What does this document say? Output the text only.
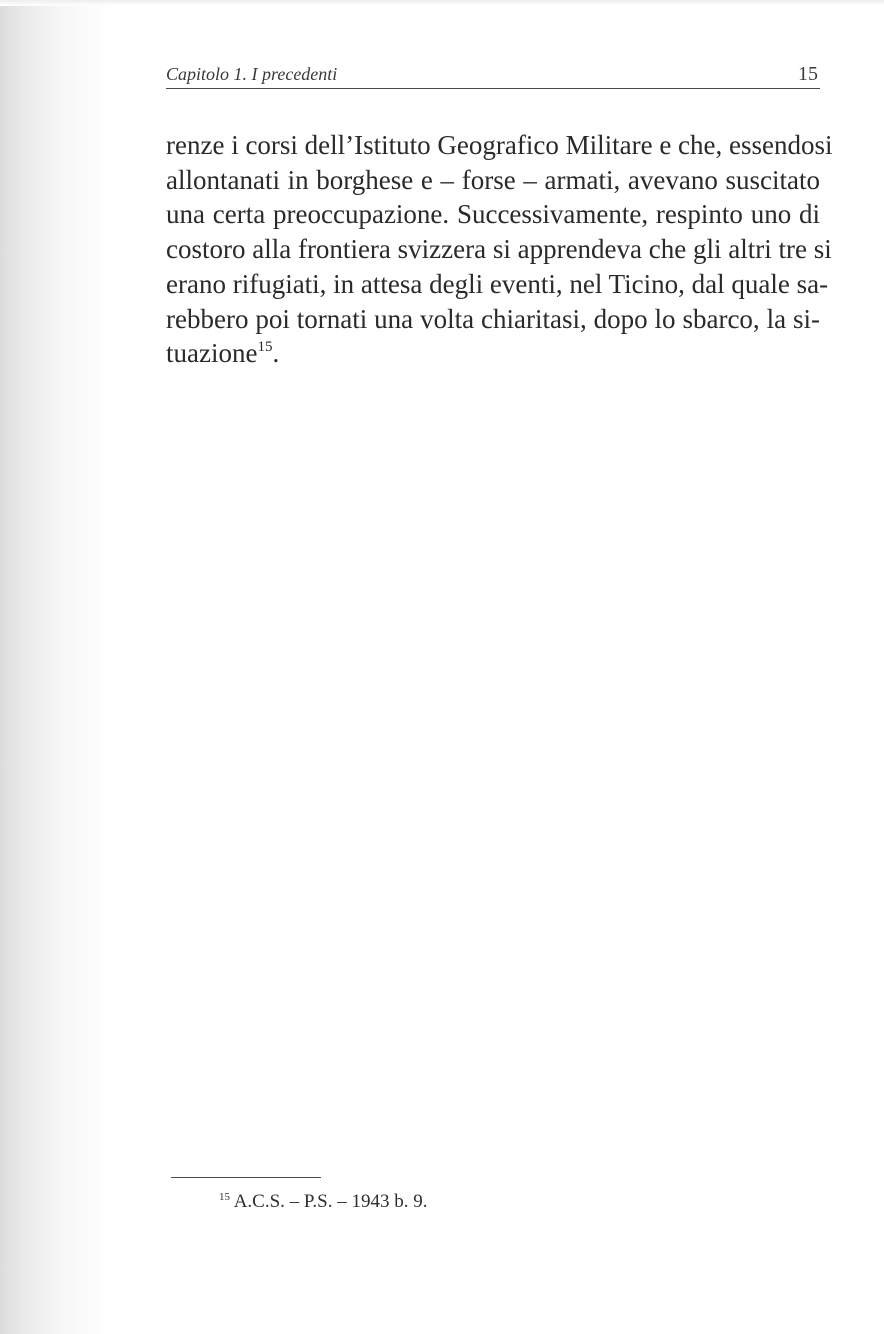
Capitolo 1. I precedenti	15
renze i corsi dell’Istituto Geografico Militare e che, essendosi
allontanati in borghese e – forse – armati, avevano suscitato
una certa preoccupazione. Successivamente, respinto uno di
costoro alla frontiera svizzera si apprendeva che gli altri tre si
erano rifugiati, in attesa degli eventi, nel Ticino, dal quale sa-
rebbero poi tornati una volta chiaritasi, dopo lo sbarco, la si-
tuazione$^{15}$.
$^{15}$ A.C.S. – P.S. – 1943 b. 9.
